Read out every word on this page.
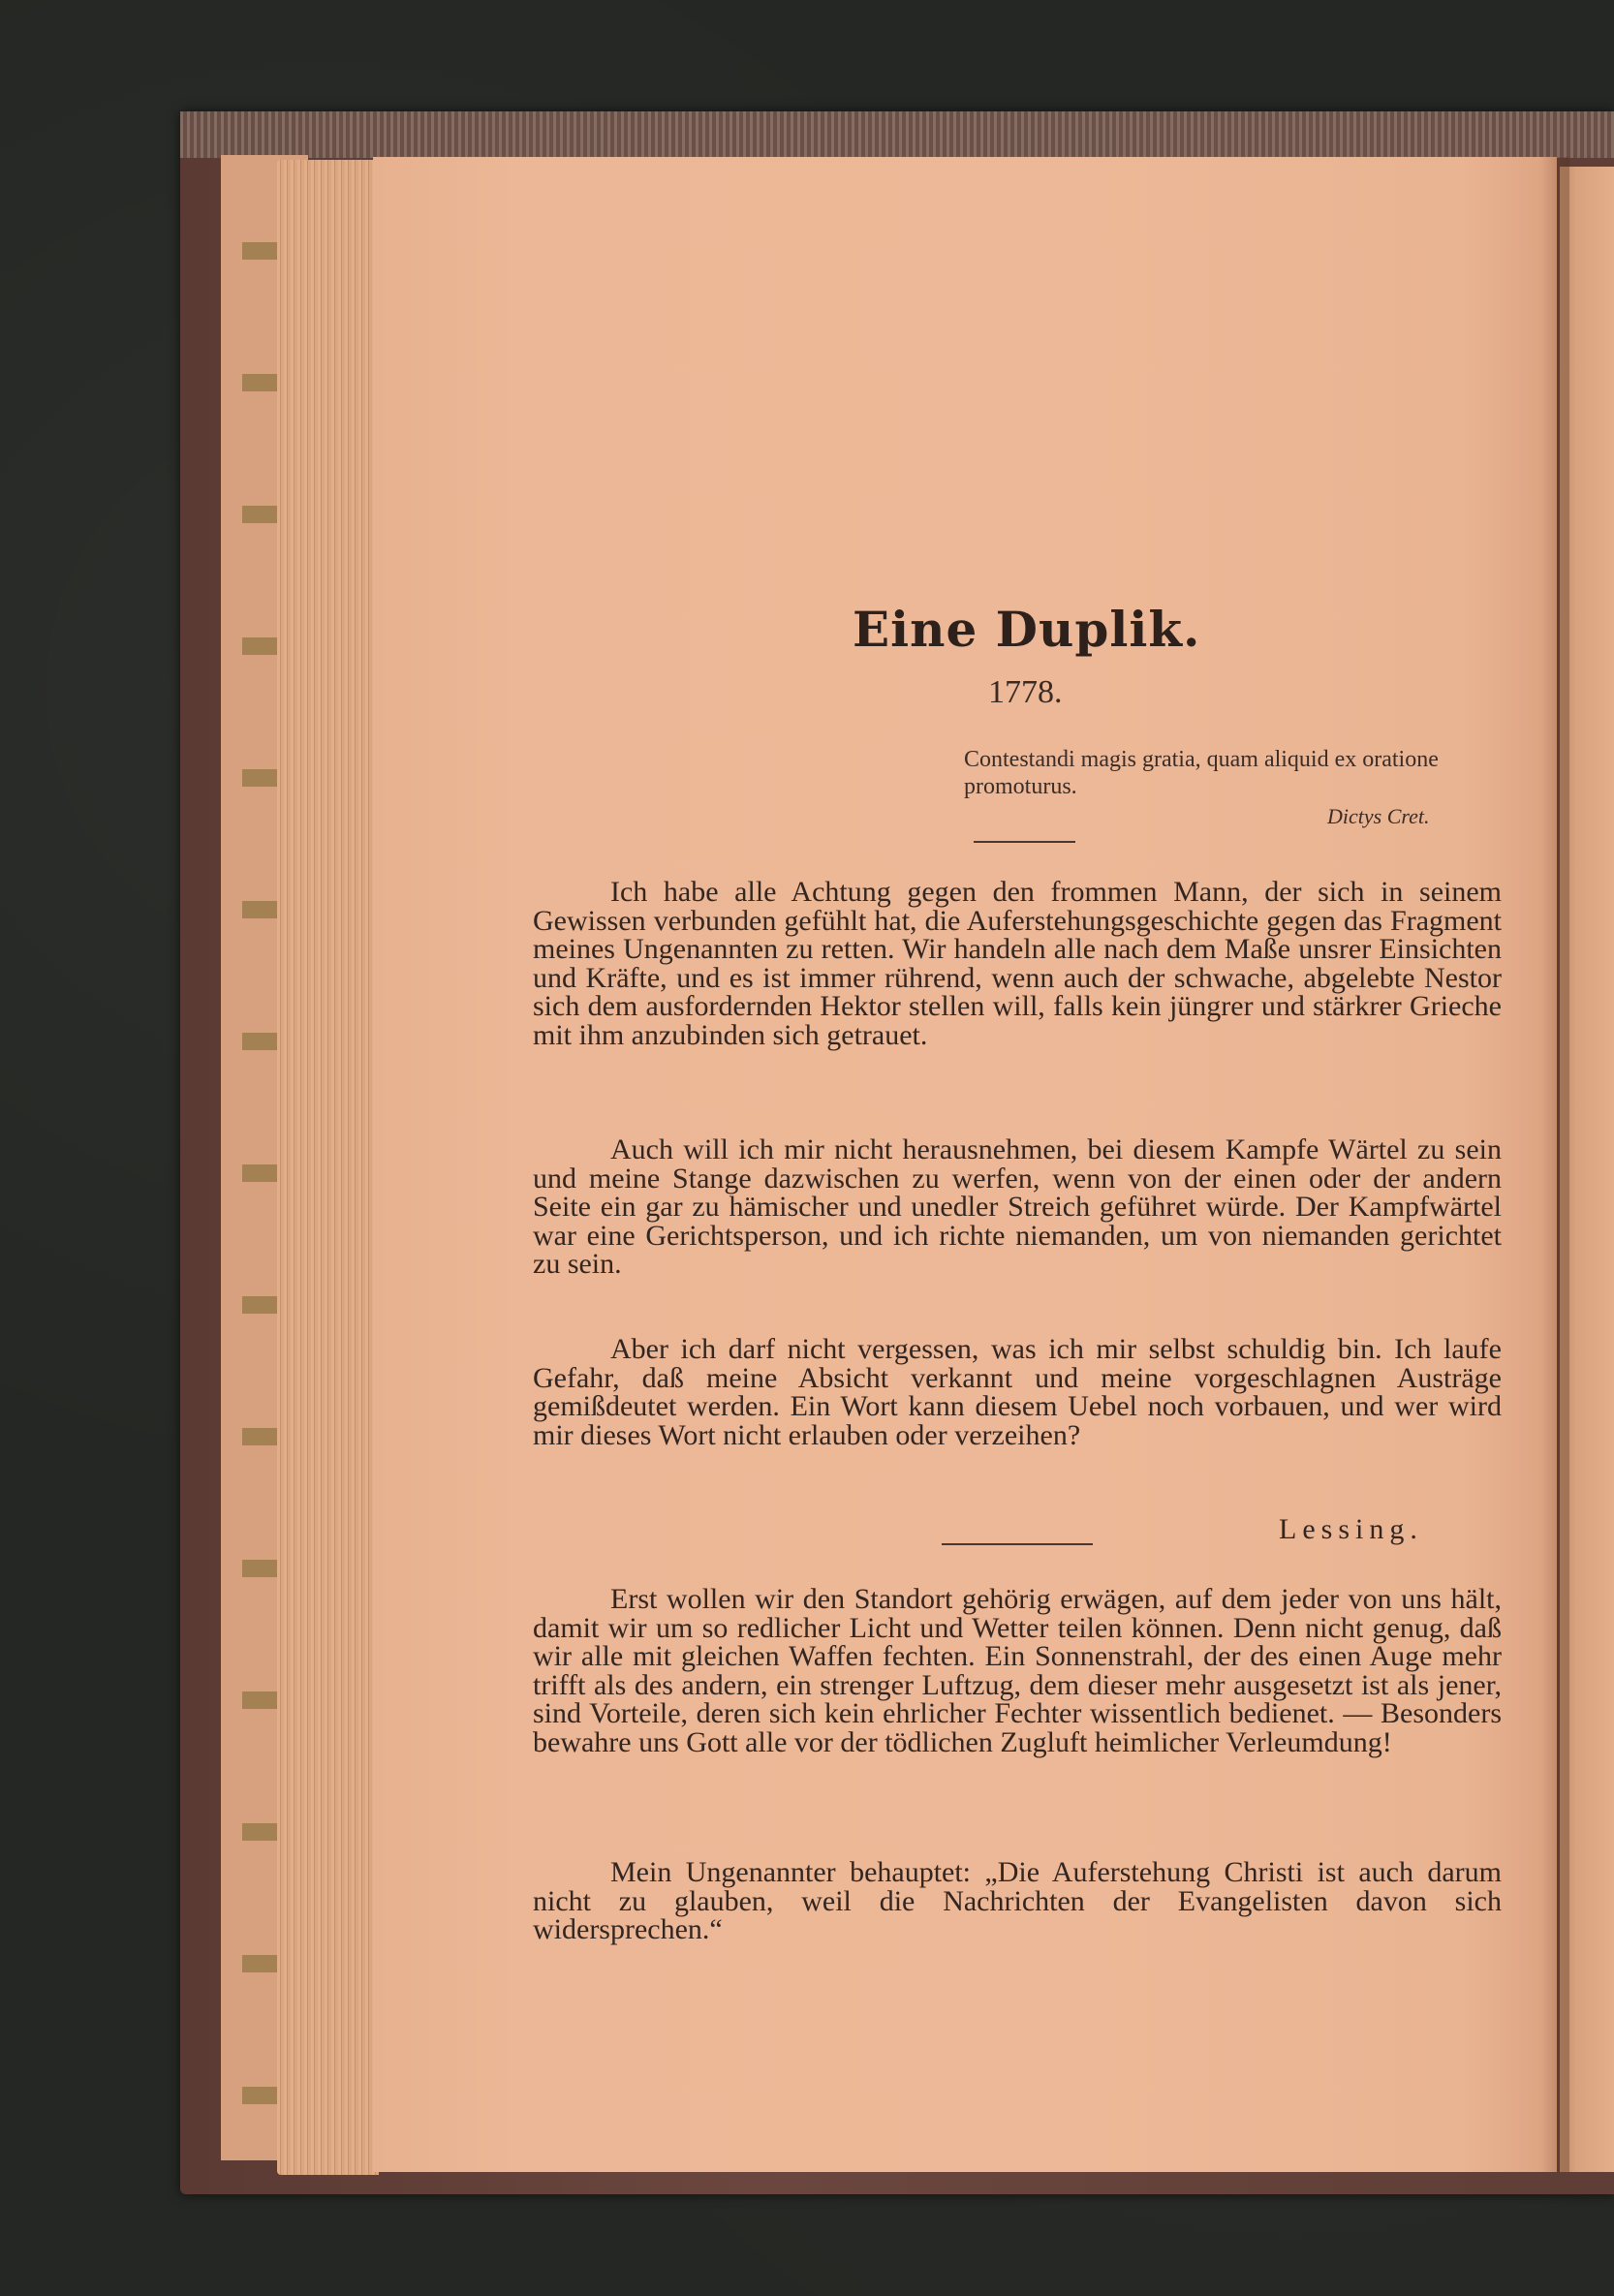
Eine Duplik.
1778.
Contestandi magis gratia, quam aliquid ex oratione promoturus.
Dictys Cret.
Ich habe alle Achtung gegen den frommen Mann, der sich in seinem Gewissen verbunden gefühlt hat, die Auferstehungsgeschichte gegen das Fragment meines Ungenannten zu retten. Wir handeln alle nach dem Maße unsrer Einsichten und Kräfte, und es ist immer rührend, wenn auch der schwache, abgelebte Nestor sich dem ausfordernden Hektor stellen will, falls kein jüngrer und stärkrer Grieche mit ihm anzubinden sich getrauet.
Auch will ich mir nicht herausnehmen, bei diesem Kampfe Wärtel zu sein und meine Stange dazwischen zu werfen, wenn von der einen oder der andern Seite ein gar zu hämischer und unedler Streich geführet würde. Der Kampfwärtel war eine Gerichtsperson, und ich richte niemanden, um von niemanden gerichtet zu sein.
Aber ich darf nicht vergessen, was ich mir selbst schuldig bin. Ich laufe Gefahr, daß meine Absicht verkannt und meine vorgeschlagnen Austräge gemißdeutet werden. Ein Wort kann diesem Uebel noch vorbauen, und wer wird mir dieses Wort nicht erlauben oder verzeihen?
Lessing.
Erst wollen wir den Standort gehörig erwägen, auf dem jeder von uns hält, damit wir um so redlicher Licht und Wetter teilen können. Denn nicht genug, daß wir alle mit gleichen Waffen fechten. Ein Sonnenstrahl, der des einen Auge mehr trifft als des andern, ein strenger Luftzug, dem dieser mehr ausgesetzt ist als jener, sind Vorteile, deren sich kein ehrlicher Fechter wissentlich bedienet. — Besonders bewahre uns Gott alle vor der tödlichen Zugluft heimlicher Verleumdung!
Mein Ungenannter behauptet: „Die Auferstehung Christi ist auch darum nicht zu glauben, weil die Nachrichten der Evangelisten davon sich widersprechen.“
